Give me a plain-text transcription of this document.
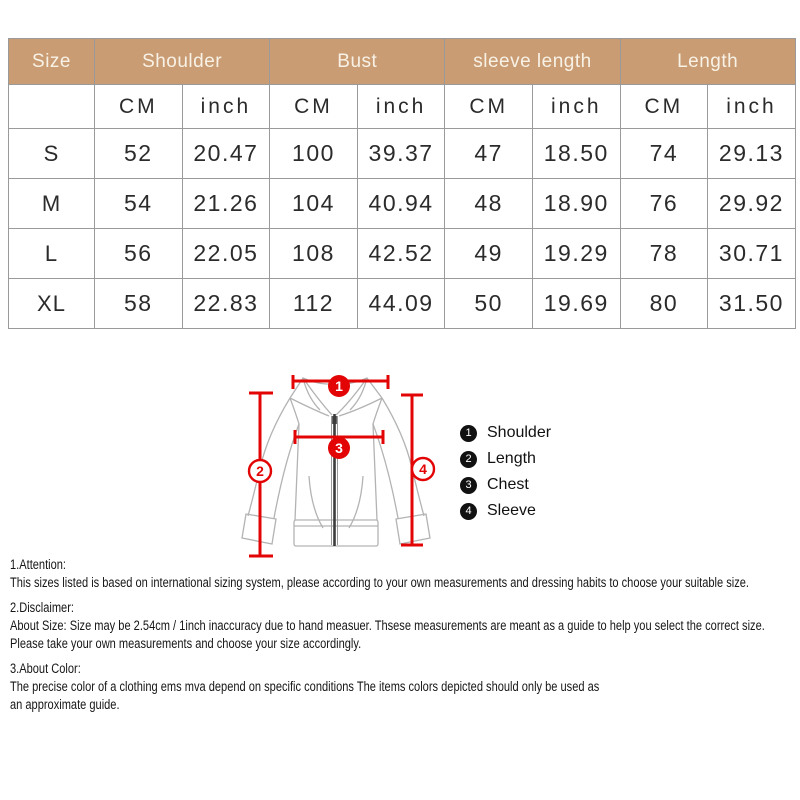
Size	Shoulder		Bust		sleeve length		Length	
	CM	inch	CM	inch	CM	inch	CM	inch
S	52	20.47	100	39.37	47	18.50	74	29.13
M	54	21.26	104	40.94	48	18.90	76	29.92
L	56	22.05	108	42.52	49	19.29	78	30.71
XL	58	22.83	112	44.09	50	19.69	80	31.50
1
2
3
4
1 Shoulder
2 Length
3 Chest
4 Sleeve
1.Attention:
This sizes listed is based on international sizing system, please according to your own measurements and dressing habits to choose your suitable size.
2.Disclaimer:
About Size: Size may be 2.54cm / 1inch inaccuracy due to hand measuer. Thsese measurements are meant as a guide to help you select the correct size.
Please take your own measurements and choose your size accordingly.
3.About Color:
The precise color of a clothing ems mva depend on specific conditions The items colors depicted should only be used as
an approximate guide.
